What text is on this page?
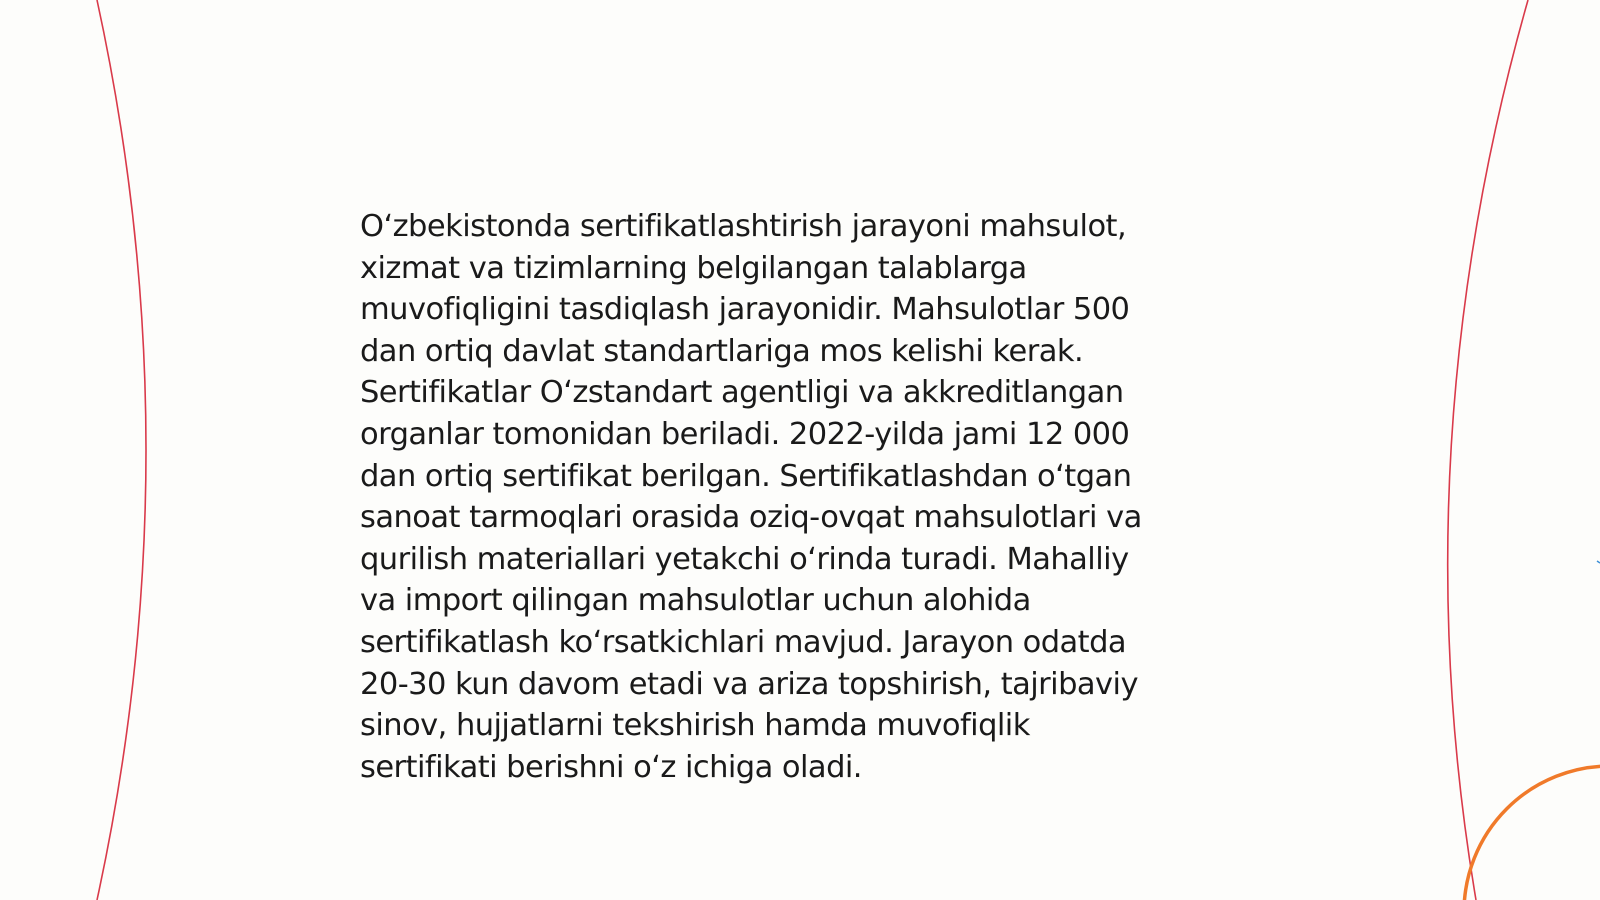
O‘zbekistonda sertifikatlashtirish jarayoni mahsulot,
xizmat va tizimlarning belgilangan talablarga
muvofiqligini tasdiqlash jarayonidir. Mahsulotlar 500
dan ortiq davlat standartlariga mos kelishi kerak.
Sertifikatlar O‘zstandart agentligi va akkreditlangan
organlar tomonidan beriladi. 2022-yilda jami 12 000
dan ortiq sertifikat berilgan. Sertifikatlashdan o‘tgan
sanoat tarmoqlari orasida oziq-ovqat mahsulotlari va
qurilish materiallari yetakchi o‘rinda turadi. Mahalliy
va import qilingan mahsulotlar uchun alohida
sertifikatlash ko‘rsatkichlari mavjud. Jarayon odatda
20-30 kun davom etadi va ariza topshirish, tajribaviy
sinov, hujjatlarni tekshirish hamda muvofiqlik
sertifikati berishni o‘z ichiga oladi.
